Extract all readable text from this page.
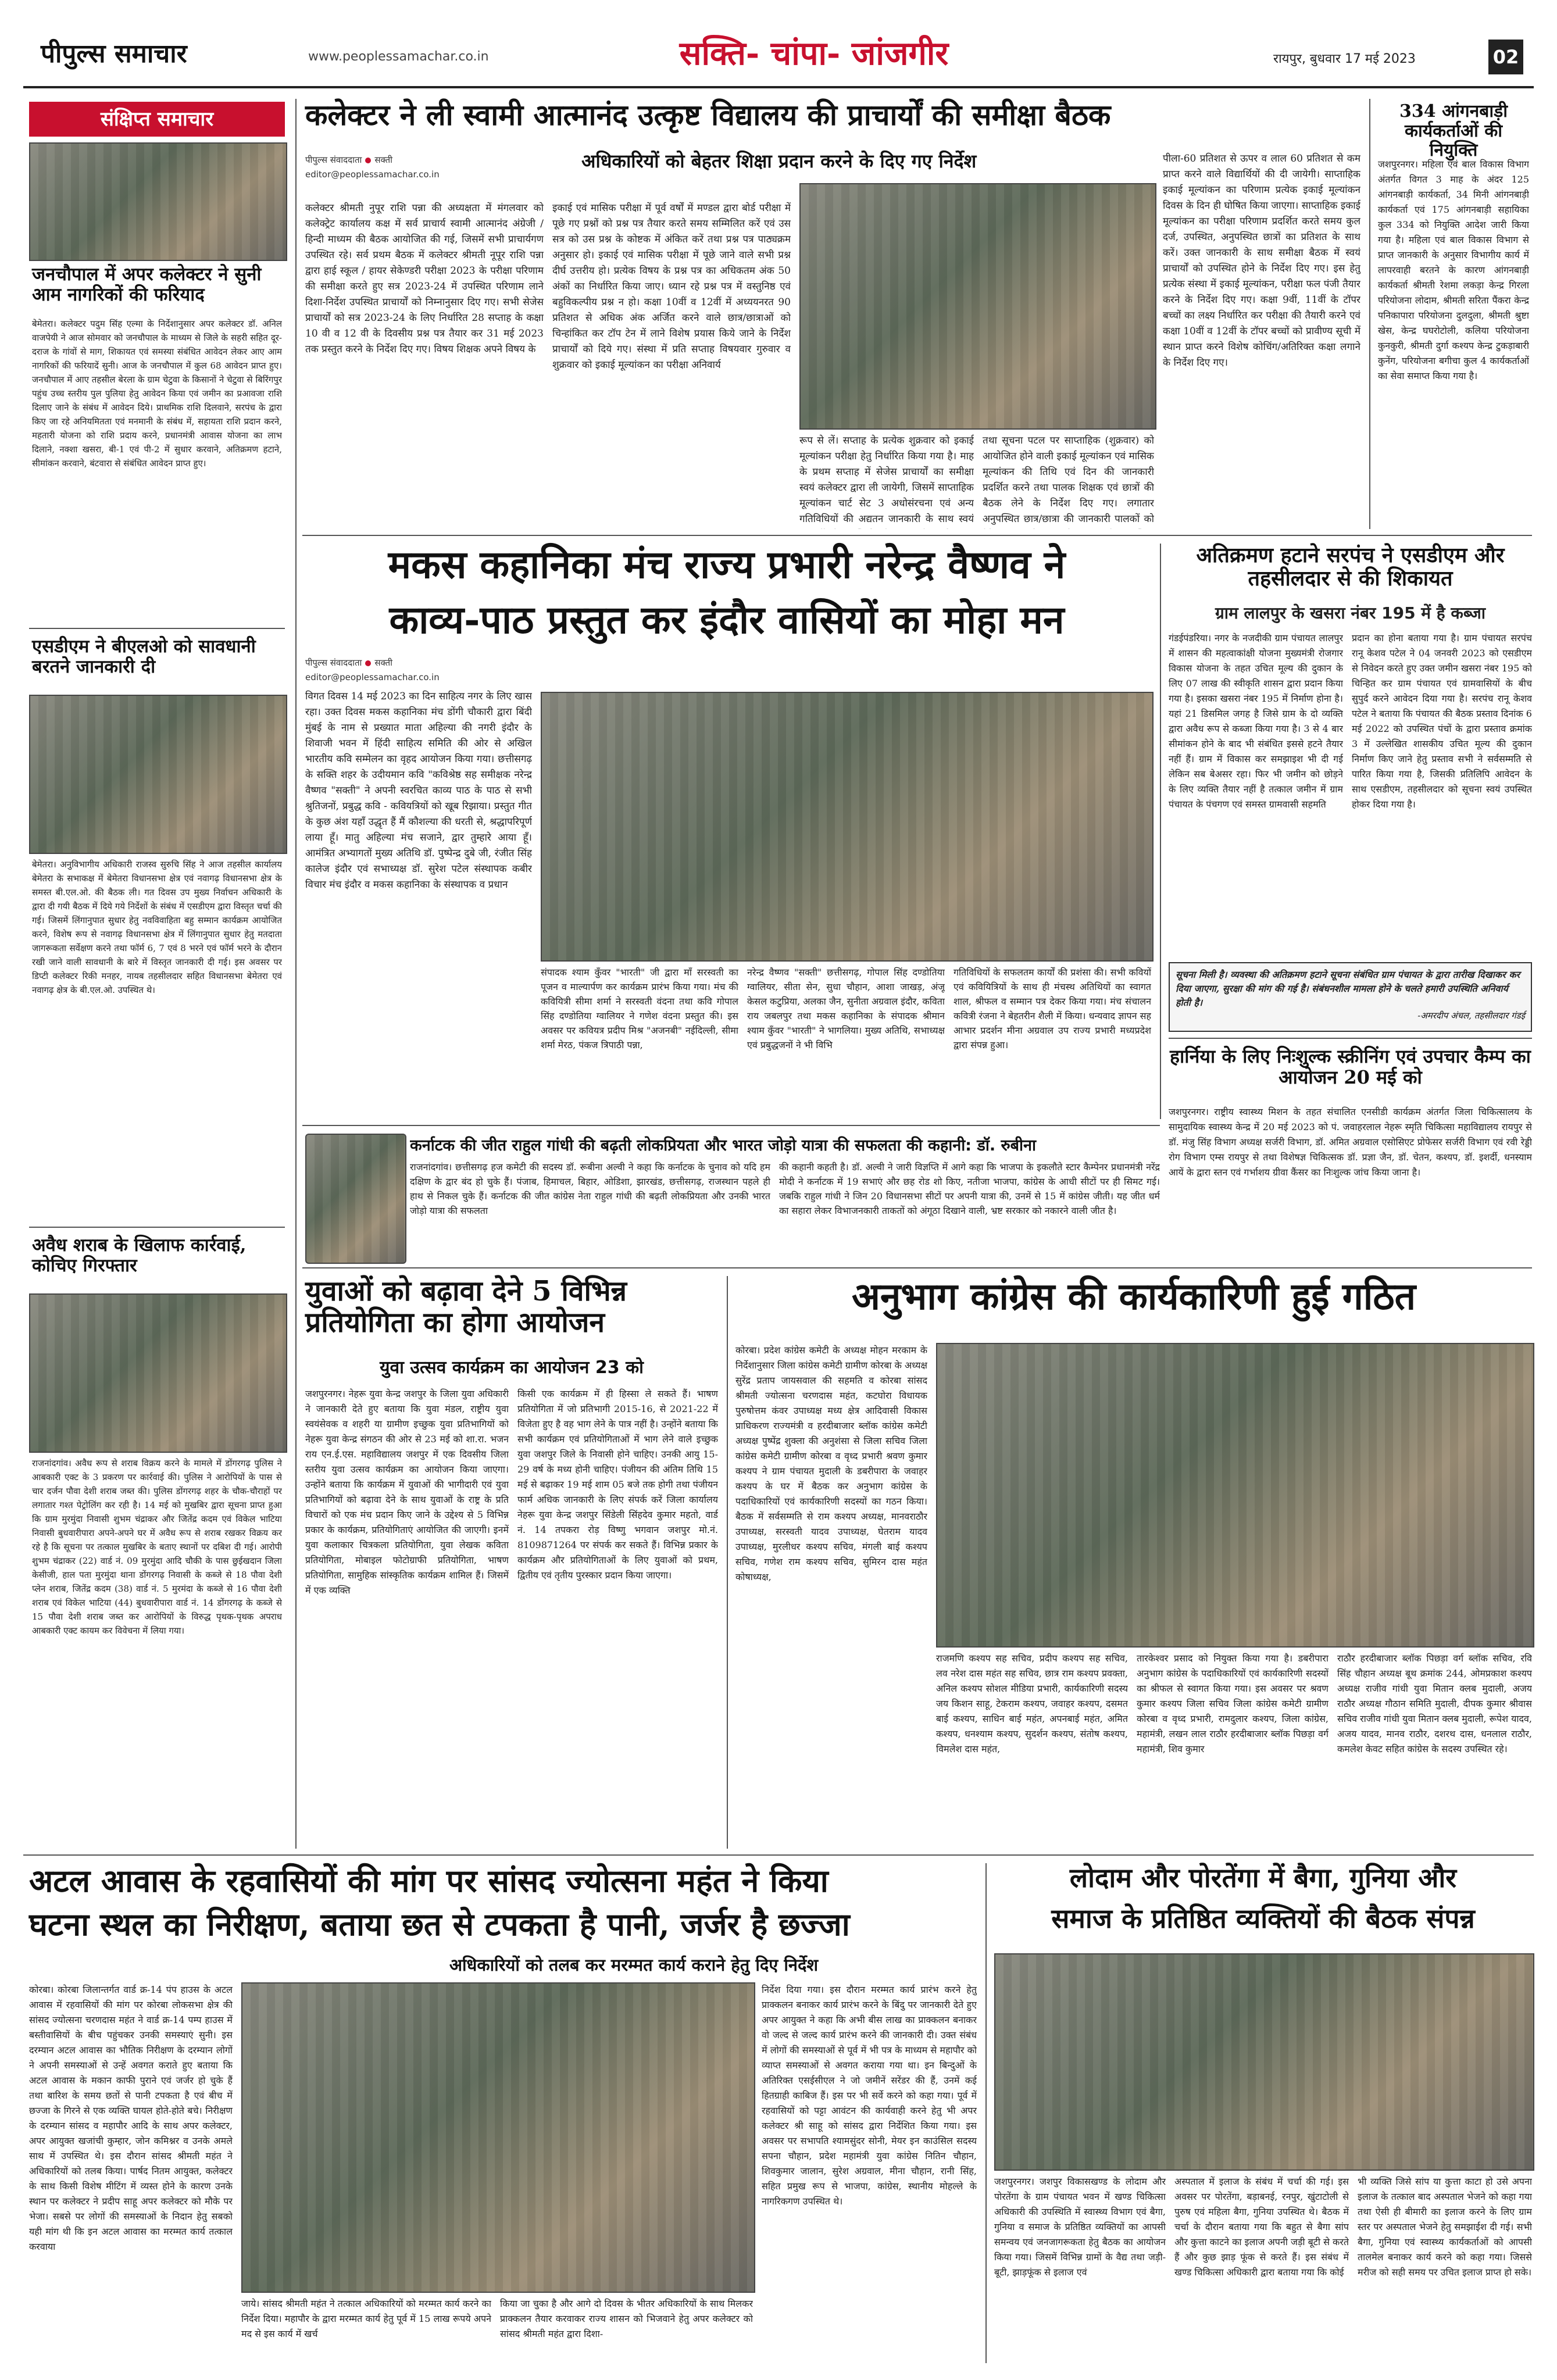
पीपुल्स समाचार	www.peoplessamachar.co.in	सक्ति- चांपा- जांजगीर	रायपुर, बुधवार 17 मई 2023	02
संक्षिप्त समाचार
जनचौपाल में अपर कलेक्टर ने सुनी आम नागरिकों की फरियाद
बेमेतरा। कलेक्टर पदुम सिंह एल्मा के निर्देशानुसार अपर कलेक्टर डॉ. अनिल वाजपेयी ने आज सोमवार को जनचौपाल के माध्यम से जिले के सहरी सहित दूर-दराज के गांवों से माग, शिकायत एवं समस्या संबंधित आवेदन लेकर आए आम नागरिकों की फरियादें सुनी। आज के जनचौपाल में कुल 68 आवेदन प्राप्त हुए। जनचौपाल में आए तहसील बेरला के ग्राम चेटुवा के किसानों ने चेटुवा से बिरिंगपुर पहुंच उच्च स्तरीय पुल पुलिया हेतु आवेदन किया एवं जमीन का प्रआवजा राशि दिलाए जाने के संबंध में आवेदन दिये। प्राथमिक राशि दिलवाने, सरपंच के द्वारा किए जा रहे अनियमितता एवं मनमानी के संबंध में, सहायता राशि प्रदान करने, महतारी योजना को राशि प्रदाय करने, प्रधानमंत्री आवास योजना का लाभ दिलाने, नक्शा खसरा, बी-1 एवं पी-2 में सुधार करवाने, अतिक्रमण हटाने, सीमांकन करवाने, बंटवारा से संबंधित आवेदन प्राप्त हुए।
एसडीएम ने बीएलओ को सावधानी बरतने जानकारी दी
बेमेतरा। अनुविभागीय अधिकारी राजस्व सुरुचि सिंह ने आज तहसील कार्यालय बेमेतरा के सभाकक्ष में बेमेतरा विधानसभा क्षेत्र एवं नवागढ़ विधानसभा क्षेत्र के समस्त बी.एल.ओ. की बैठक ली। गत दिवस उप मुख्य निर्वाचन अधिकारी के द्वारा दी गयी बैठक में दिये गये निर्देशों के संबंध में एसडीएम द्वारा विस्तृत चर्चा की गई। जिसमें लिंगानुपात सुधार हेतु नवविवाहिता बहु सम्मान कार्यक्रम आयोजित करने, विशेष रूप से नवागढ़ विधानसभा क्षेत्र में लिंगानुपात सुधार हेतु मतदाता जागरूकता सर्वेक्षण करने तथा फॉर्म 6, 7 एवं 8 भरने एवं फॉर्म भरने के दौरान रखी जाने वाली सावधानी के बारे में विस्तृत जानकारी दी गई। इस अवसर पर डिप्टी कलेक्टर रिकी मनहर, नायब तहसीलदार सहित विधानसभा बेमेतरा एवं नवागढ़ क्षेत्र के बी.एल.ओ. उपस्थित थे।
अवैध शराब के खिलाफ कार्रवाई, कोचिए गिरफ्तार
राजनांदगांव। अवैध रूप से शराब विक्रय करने के मामले में डोंगरगढ़ पुलिस ने आबकारी एक्ट के 3 प्रकरण पर कार्रवाई की। पुलिस ने आरोपियों के पास से चार दर्जन पौवा देशी शराब जब्त की। पुलिस डोंगरगढ़ शहर के चौक-चौराहों पर लगातार गश्त पेट्रोलिंग कर रही है। 14 मई को मुखबिर द्वारा सूचना प्राप्त हुआ कि ग्राम मुरमुंदा निवासी शुभम चंद्राकर और जितेंद्र कदम एवं विकेल भाटिया निवासी बुधवारीपारा अपने-अपने घर में अवैध रूप से शराब रखकर विक्रय कर रहे है कि सूचना पर तत्काल मुखबिर के बताए स्थानों पर दबिश दी गई। आरोपी शुभम चंद्राकर (22) वार्ड नं. 09 मुरमुंदा आदि चौकी के पास छुईखदान जिला केसीजी, हाल पता मुरमुंदा थाना डोंगरगढ़ निवासी के कब्जे से 18 पौवा देशी प्लेन शराब, जितेंद्र कदम (38) वार्ड नं. 5 मुरमंदा के कब्जे से 16 पौवा देशी शराब एवं विकेल भाटिया (44) बुधवारीपारा वार्ड नं. 14 डोंगरगढ़ के कब्जे से 15 पौवा देशी शराब जब्त कर आरोपियों के विरुद्ध पृथक-पृथक अपराध आबकारी एक्ट कायम कर विवेचना में लिया गया।
कलेक्टर ने ली स्वामी आत्मानंद उत्कृष्ट विद्यालय की प्राचार्यों की समीक्षा बैठक
पीपुल्स संवाददाता सक्ती
editor@peoplessamachar.co.in
अधिकारियों को बेहतर शिक्षा प्रदान करने के दिए गए निर्देश
कलेक्टर श्रीमती नुपूर राशि पन्ना की अध्यक्षता में मंगलवार को कलेक्ट्रेट कार्यालय कक्ष में सर्व प्राचार्य स्वामी आत्मानंद अंग्रेजी / हिन्दी माध्यम की बैठक आयोजित की गई, जिसमें सभी प्राचार्यगण उपस्थित रहे। सर्व प्रथम बैठक में कलेक्टर श्रीमती नूपूर राशि पन्ना द्वारा हाई स्कूल / हायर सेकेण्डरी परीक्षा 2023 के परीक्षा परिणाम की समीक्षा करते हुए सत्र 2023-24 में उपस्थित परिणाम लाने दिशा-निर्देश उपस्थित प्राचार्यों को निम्नानुसार दिए गए। सभी सेजेस प्राचार्यों को सत्र 2023-24 के लिए निर्धारित 28 सप्ताह के कक्षा 10 वी व 12 वी के दिवसीय प्रश्न पत्र तैयार कर 31 मई 2023 तक प्रस्तुत करने के निर्देश दिए गए। विषय शिक्षक अपने विषय के
इकाई एवं मासिक परीक्षा में पूर्व वर्षों में मण्डल द्वारा बोर्ड परीक्षा में पूछे गए प्रश्नों को प्रश्न पत्र तैयार करते समय सम्मिलित करें एवं उस सत्र को उस प्रश्न के कोष्टक में अंकित करें तथा प्रश्न पत्र पाठ्यक्रम अनुसार हो। इकाई एवं मासिक परीक्षा में पूछे जाने वाले सभी प्रश्न दीर्घ उत्तरीय हो। प्रत्येक विषय के प्रश्न पत्र का अधिकतम अंक 50 अंकों का निर्धारित किया जाए। ध्यान रहे प्रश्न पत्र में वस्तुनिष्ठ एवं बहुविकल्पीय प्रश्न न हो। कक्षा 10वीं व 12वीं में अध्ययनरत 90 प्रतिशत से अधिक अंक अर्जित करने वाले छात्र/छात्राओं को चिन्हांकित कर टॉप टेन में लाने विशेष प्रयास किये जाने के निर्देश प्राचार्यों को दिये गए। संस्था में प्रति सप्ताह विषयवार गुरुवार व शुक्रवार को इकाई मूल्यांकन का परीक्षा अनिवार्य
रूप से लें। सप्ताह के प्रत्येक शुक्रवार को इकाई मूल्यांकन परीक्षा हेतु निर्धारित किया गया है। माह के प्रथम सप्ताह में सेजेस प्राचार्यों का समीक्षा स्वयं कलेक्टर द्वारा ली जायेगी, जिसमें साप्ताहिक मूल्यांकन चार्ट सेट 3 अधोसंरचना एवं अन्य गतिविधियों की अद्यतन जानकारी के साथ स्वयं
तथा सूचना पटल पर साप्ताहिक (शुक्रवार) को आयोजित होने वाली इकाई मूल्यांकन एवं मासिक मूल्यांकन की तिथि एवं दिन की जानकारी प्रदर्शित करने तथा पालक शिक्षक एवं छात्रों की बैठक लेने के निर्देश दिए गए। लगातार अनुपस्थित छात्र/छात्रा की जानकारी पालकों को
पीला-60 प्रतिशत से ऊपर व लाल 60 प्रतिशत से कम प्राप्त करने वाले विद्यार्थियों की दी जायेगी। साप्ताहिक इकाई मूल्यांकन का परिणाम प्रत्येक इकाई मूल्यांकन दिवस के दिन ही घोषित किया जाएगा। साप्ताहिक इकाई मूल्यांकन का परीक्षा परिणाम प्रदर्शित करते समय कुल दर्ज, उपस्थित, अनुपस्थित छात्रों का प्रतिशत के साथ करें। उक्त जानकारी के साथ समीक्षा बैठक में स्वयं प्राचार्यों को उपस्थित होने के निर्देश दिए गए। इस हेतु प्रत्येक संस्था में इकाई मूल्यांकन, परीक्षा फल पंजी तैयार करने के निर्देश दिए गए। कक्षा 9वीं, 11वीं के टॉपर बच्चों का लक्ष्य निर्धारित कर परीक्षा की तैयारी करने एवं कक्षा 10वीं व 12वीं के टॉपर बच्चों को प्रावीण्य सूची में स्थान प्राप्त करने विशेष कोचिंग/अतिरिक्त कक्षा लगाने के निर्देश दिए गए।
334 आंगनबाड़ी कार्यकर्ताओं की नियुक्ति
जशपुरनगर। महिला एवं बाल विकास विभाग अंतर्गत विगत 3 माह के अंदर 125 आंगनबाड़ी कार्यकर्ता, 34 मिनी आंगनबाड़ी कार्यकर्ता एवं 175 आंगनबाड़ी सहायिका कुल 334 को नियुक्ति आदेश जारी किया गया है। महिला एवं बाल विकास विभाग से प्राप्त जानकारी के अनुसार विभागीय कार्य में लापरवाही बरतने के कारण आंगनबाड़ी कार्यकर्ता श्रीमती रेशमा लकड़ा केन्द्र गिरला परियोजना लोदाम, श्रीमती सरिता पैंकरा केन्द्र पनिकापारा परियोजना दुलदुला, श्रीमती श्रुष्टा खेस, केन्द्र घघरोटोली, कलिया परियोजना कुनकुरी, श्रीमती दुर्गा कश्यप केन्द्र टुकड़ाबारी कुनेंग, परियोजना बगीचा कुल 4 कार्यकर्ताओं का सेवा समाप्त किया गया है।
मकस कहानिका मंच राज्य प्रभारी नरेन्द्र वैष्णव ने
काव्य-पाठ प्रस्तुत कर इंदौर वासियों का मोहा मन
पीपुल्स संवाददाता सक्ती
editor@peoplessamachar.co.in
विगत दिवस 14 मई 2023 का दिन साहित्य नगर के लिए खास रहा। उक्त दिवस मकस कहानिका मंच डोंगी चौकारी द्वारा बिंदी मुंबई के नाम से प्रख्यात माता अहिल्या की नगरी इंदौर के शिवाजी भवन में हिंदी साहित्य समिति की ओर से अखिल भारतीय कवि सम्मेलन का वृहद आयोजन किया गया। छत्तीसगढ़ के सक्ति शहर के उदीयमान कवि "कविश्रेष्ठ सह समीक्षक नरेन्द्र वैष्णव "सक्ती" ने अपनी स्वरचित काव्य पाठ के पाठ से सभी श्रुतिजनों, प्रबुद्ध कवि - कवियत्रियों को खूब रिझाया। प्रस्तुत गीत के कुछ अंश यहाँ उद्धृत हैं मैं कौशल्या की धरती से, श्रद्धापरिपूर्ण लाया हूँ। मातु अहिल्या मंच सजाने, द्वार तुम्हारे आया हूँ। आमंत्रित अभ्यागतों मुख्य अतिथि डॉ. पुष्पेन्द्र दुबे जी, रंजीत सिंह कालेज इंदौर एवं सभाध्यक्ष डॉ. सुरेश पटेल संस्थापक कबीर विचार मंच इंदौर व मकस कहानिका के संस्थापक व प्रधान
संपादक श्याम कुँवर "भारती" जी द्वारा माँ सरस्वती का पूजन व माल्यार्पण कर कार्यक्रम प्रारंभ किया गया। मंच की कवियित्री सीमा शर्मा ने सरस्वती वंदना तथा कवि गोपाल सिंह दण्डोतिया ग्वालियर ने गणेश वंदना प्रस्तुत की। इस अवसर पर कवियत्र प्रदीप मिश्र "अजनबी" नईदिल्ली, सीमा शर्मा मेरठ, पंकज त्रिपाठी पन्ना,
नरेन्द्र वैष्णव "सक्ती" छत्तीसगढ़, गोपाल सिंह दण्डोतिया ग्वालियर, सीता सेन, सुधा चौहान, आशा जाखड़, अंजू केसल कटुप्रिया, अलका जैन, सुनीता अग्रवाल इंदौर, कविता राय जबलपुर तथा मकस कहानिका के संपादक श्रीमान श्याम कुँवर "भारती" ने भागलिया। मुख्य अतिथि, सभाध्यक्ष एवं प्रबुद्धजनों ने भी विभि
गतिविधियों के सफलतम कार्यों की प्रशंसा की। सभी कवियों एवं कवियित्रियों के साथ ही मंचस्थ अतिथियों का स्वागत शाल, श्रीफल व सम्मान पत्र देकर किया गया। मंच संचालन कवित्री रंजना ने बेहतरीन शैली में किया। धन्यवाद ज्ञापन सह आभार प्रदर्शन मीना अग्रवाल उप राज्य प्रभारी मध्यप्रदेश द्वारा संपन्न हुआ।
अतिक्रमण हटाने सरपंच ने एसडीएम और तहसीलदार से की शिकायत
ग्राम लालपुर के खसरा नंबर 195 में है कब्जा
गंडईपंडरिया। नगर के नजदीकी ग्राम पंचायत लालपुर में शासन की महत्वाकांक्षी योजना मुख्यमंत्री रोजगार विकास योजना के तहत उचित मूल्य की दुकान के लिए 07 लाख की स्वीकृति शासन द्वारा प्रदान किया गया है। इसका खसरा नंबर 195 में निर्माण होना है। यहां 21 डिसमिल जगह है जिसे ग्राम के दो व्यक्ति द्वारा अवैध रूप से कब्जा किया गया है। 3 से 4 बार सीमांकन होने के बाद भी संबंधित इससे हटने तैयार नहीं हैं। ग्राम में विकास कर समझाइश भी दी गई लेकिन सब बेअसर रहा। फिर भी जमीन को छोड़ने के लिए व्यक्ति तैयार नहीं है तत्काल जमीन में ग्राम पंचायत के पंचगण एवं समस्त ग्रामवासी सहमति
प्रदान का होना बताया गया है। ग्राम पंचायत सरपंच रानू केशव पटेल ने 04 जनवरी 2023 को एसडीएम से निवेदन करते हुए उक्त जमीन खसरा नंबर 195 को चिन्हित कर ग्राम पंचायत एवं ग्रामवासियों के बीच सुपुर्द करने आवेदन दिया गया है। सरपंच रानू केशव पटेल ने बताया कि पंचायत की बैठक प्रस्ताव दिनांक 6 मई 2022 को उपस्थित पंचों के द्वारा प्रस्ताव क्रमांक 3 में उल्लेखित शासकीय उचित मूल्य की दुकान निर्माण किए जाने हेतु प्रस्ताव सभी ने सर्वसम्मति से पारित किया गया है, जिसकी प्रतिलिपि आवेदन के साथ एसडीएम, तहसीलदार को सूचना स्वयं उपस्थित होकर दिया गया है।
सूचना मिली है। व्यवस्था की अतिक्रमण हटाने सूचना संबंधित ग्राम पंचायत के द्वारा तारीख दिखाकर कर दिया जाएगा, सुरक्षा की मांग की गई है। संबंधनशील मामला होने के चलते हमारी उपस्थिति अनिवार्य होती है।
-अमरदीप अंचल, तहसीलदार गंडई
हार्निया के लिए निःशुल्क स्क्रीनिंग एवं उपचार कैम्प का आयोजन 20 मई को
जशपुरनगर। राष्ट्रीय स्वास्थ्य मिशन के तहत संचालित एनसीडी कार्यक्रम अंतर्गत जिला चिकित्सालय के सामुदायिक स्वास्थ्य केन्द्र में 20 मई 2023 को पं. जवाहरलाल नेहरू स्मृति चिकित्सा महाविद्यालय रायपुर से डॉ. मंजु सिंह विभाग अध्यक्ष सर्जरी विभाग, डॉ. अमित अग्रवाल एसोसिएट प्रोफेसर सर्जरी विभाग एवं रवी रेड्डी रोग विभाग एम्स रायपुर से तथा विशेषज्ञ चिकित्सक डॉ. प्रज्ञा जैन, डॉ. चेतन, कश्यप, डॉ. इशर्दी, धनस्याम आयें के द्वारा स्तन एवं गर्भाशय ग्रीवा कैंसर का निःशुल्क जांच किया जाना है।
कर्नाटक की जीत राहुल गांधी की बढ़ती लोकप्रियता और भारत जोड़ो यात्रा की सफलता की कहानी: डॉ. रुबीना
राजनांदगांव। छत्तीसगढ़ हज कमेटी की सदस्य डॉ. रूबीना अल्वी ने कहा कि कर्नाटक के चुनाव को यदि हम दक्षिण के द्वार बंद हो चुके हैं। पंजाब, हिमाचल, बिहार, ओडिशा, झारखंड, छत्तीसगढ़, राजस्थान पहले ही हाथ से निकल चुके हैं। कर्नाटक की जीत कांग्रेस नेता राहुल गांधी की बढ़ती लोकप्रियता और उनकी भारत जोड़ो यात्रा की सफलता
की कहानी कहती है। डॉ. अल्वी ने जारी विज्ञप्ति में आगे कहा कि भाजपा के इकलौते स्टार कैम्पेनर प्रधानमंत्री नरेंद्र मोदी ने कर्नाटक में 19 सभाएं और छह रोड शो किए, नतीजा भाजपा, कांग्रेस के आधी सीटों पर ही सिमट गई। जबकि राहुल गांधी ने जिन 20 विधानसभा सीटों पर अपनी यात्रा की, उनमें से 15 में कांग्रेस जीती। यह जीत धर्म का सहारा लेकर विभाजनकारी ताकतों को अंगूठा दिखाने वाली, भ्रष्ट सरकार को नकारने वाली जीत है।
युवाओं को बढ़ावा देने 5 विभिन्न प्रतियोगिता का होगा आयोजन
युवा उत्सव कार्यक्रम का आयोजन 23 को
जशपुरनगर। नेहरू युवा केन्द्र जशपुर के जिला युवा अधिकारी ने जानकारी देते हुए बताया कि युवा मंडल, राष्ट्रीय युवा स्वयंसेवक व शहरी या ग्रामीण इच्छुक युवा प्रतिभागियों को नेहरू युवा केन्द्र संगठन की ओर से 23 मई को शा.रा. भजन राय एन.ई.एस. महाविद्यालय जशपुर में एक दिवसीय जिला स्तरीय युवा उत्सव कार्यक्रम का आयोजन किया जाएगा। उन्होंने बताया कि कार्यक्रम में युवाओं की भागीदारी एवं युवा प्रतिभागियों को बढ़ावा देने के साथ युवाओं के राष्ट्र के प्रति विचारों को एक मंच प्रदान किए जाने के उद्देश्य से 5 विभिन्न प्रकार के कार्यक्रम, प्रतियोगिताएं आयोजित की जाएगी। इनमें युवा कलाकार चित्रकला प्रतियोगिता, युवा लेखक कविता प्रतियोगिता, मोबाइल फोटोग्राफी प्रतियोगिता, भाषण प्रतियोगिता, सामुहिक सांस्कृतिक कार्यक्रम शामिल हैं। जिसमें में एक व्यक्ति
किसी एक कार्यक्रम में ही हिस्सा ले सकते हैं। भाषण प्रतियोगिता में जो प्रतिभागी 2015-16, से 2021-22 में विजेता हुए है वह भाग लेने के पात्र नहीं है। उन्होंने बताया कि सभी कार्यक्रम एवं प्रतियोगिताओं में भाग लेने वाले इच्छुक युवा जशपुर जिले के निवासी होने चाहिए। उनकी आयु 15-29 वर्ष के मध्य होनी चाहिए। पंजीयन की अंतिम तिथि 15 मई से बढ़ाकर 19 मई शाम 05 बजे तक होगी तथा पंजीयन फार्म अधिक जानकारी के लिए संपर्क करें जिला कार्यालय नेहरू युवा केन्द्र जशपुर सिंडेली सिंहदेव कुमार महतो, वार्ड नं. 14 तपकरा रोड़ विष्णु भगवान जशपुर मो.नं. 8109871264 पर संपर्क कर सकते हैं। विभिन्न प्रकार के कार्यक्रम और प्रतियोगिताओं के लिए युवाओं को प्रथम, द्वितीय एवं तृतीय पुरस्कार प्रदान किया जाएगा।
अनुभाग कांग्रेस की कार्यकारिणी हुई गठित
कोरबा। प्रदेश कांग्रेस कमेटी के अध्यक्ष मोहन मरकाम के निर्देशानुसार जिला कांग्रेस कमेटी ग्रामीण कोरबा के अध्यक्ष सुरेंद्र प्रताप जायसवाल की सहमति व कोरबा सांसद श्रीमती ज्योत्सना चरणदास महंत, कटघोरा विधायक पुरुषोत्तम कंवर उपाध्यक्ष मध्य क्षेत्र आदिवासी विकास प्राधिकरण राज्यमंत्री व हरदीबाजार ब्लॉक कांग्रेस कमेटी अध्यक्ष पुष्पेंद्र शुक्ला की अनुशंसा से जिला सचिव जिला कांग्रेस कमेटी ग्रामीण कोरबा व वृध्द प्रभारी श्रवण कुमार कश्यप ने ग्राम पंचायत मुदाली के डबरीपारा के जवाहर कश्यप के घर में बैठक कर अनुभाग कांग्रेस के पदाधिकारियों एवं कार्यकारिणी सदस्यों का गठन किया। बैठक में सर्वसम्मति से राम कश्यप अध्यक्ष, मानवराठौर उपाध्यक्ष, सरस्वती यादव उपाध्यक्ष, घेतराम यादव उपाध्यक्ष, मुरलीधर कश्यप सचिव, मंगली बाई कश्यप सचिव, गणेश राम कश्यप सचिव, सुमिरन दास महंत कोषाध्यक्ष,
राजमणि कश्यप सह सचिव, प्रदीप कश्यप सह सचिव, लव नरेश दास महंत सह सचिव, छात्र राम कश्यप प्रवक्ता, अनिल कश्यप सोशल मीडिया प्रभारी, कार्यकारिणी सदस्य जय किशन साहू, टेकराम कश्यप, जवाहर कश्यप, दसमत बाई कश्यप, साधिन बाई महंत, अपनबाई महंत, अमित कश्यप, धनश्याम कश्यप, सुदर्शन कश्यप, संतोष कश्यप, विमलेश दास महंत,
तारकेश्वर प्रसाद को नियुक्त किया गया है। डबरीपारा अनुभाग कांग्रेस के पदाधिकारियों एवं कार्यकारिणी सदस्यों का श्रीफल से स्वागत किया गया। इस अवसर पर श्रवण कुमार कश्यप जिला सचिव जिला कांग्रेस कमेटी ग्रामीण कोरबा व वृध्द प्रभारी, रामदुलार कश्यप, जिला कांग्रेस, महामंत्री, लखन लाल राठौर हरदीबाजार ब्लॉक पिछड़ा वर्ग महामंत्री, शिव कुमार
राठौर हरदीबाजार ब्लॉक पिछड़ा वर्ग ब्लॉक सचिव, रवि सिंह चौहान अध्यक्ष बूथ क्रमांक 244, ओमप्रकाश कश्यप अध्यक्ष राजीव गांधी युवा मितान क्लब मुदाली, अजय राठौर अध्यक्ष गौठान समिति मुदाली, दीपक कुमार श्रीवास सचिव राजीव गांधी युवा मितान क्लब मुदाली, रूपेश यादव, अजय यादव, मानव राठौर, दशरथ दास, धनलाल राठौर, कमलेश केवट सहित कांग्रेस के सदस्य उपस्थित रहे।
अटल आवास के रहवासियों की मांग पर सांसद ज्योत्सना महंत ने किया
घटना स्थल का निरीक्षण, बताया छत से टपकता है पानी, जर्जर है छज्जा
अधिकारियों को तलब कर मरम्मत कार्य कराने हेतु दिए निर्देश
कोरबा। कोरबा जिलान्तर्गत वार्ड क्र-14 पंप हाउस के अटल आवास में रहवासियों की मांग पर कोरबा लोकसभा क्षेत्र की सांसद ज्योत्सना चरणदास महंत ने वार्ड क्र-14 पम्प हाउस में बस्तीवासियों के बीच पहुंचकर उनकी समस्याएं सुनी। इस दरम्यान अटल आवास का भौतिक निरीक्षण के दरम्यान लोगों ने अपनी समस्याओं से उन्हें अवगत कराते हुए बताया कि अटल आवास के मकान काफी पुराने एवं जर्जर हो चुके हैं तथा बारिश के समय छतों से पानी टपकता है एवं बीच में छज्जा के गिरने से एक व्यक्ति घायल होते-होते बचे। निरीक्षण के दरम्यान सांसद व महापौर आदि के साथ अपर कलेक्टर, अपर आयुक्त खजांची कुम्हार, जोन कमिश्नर व उनके अमले साथ में उपस्थित थे। इस दौरान सांसद श्रीमती महंत ने अधिकारियों को तलब किया। पार्षद नितम आयुक्त, कलेक्टर के साथ किसी विशेष मीटिंग में व्यस्त होने के कारण उनके स्थान पर कलेक्टर ने प्रदीप साहू अपर कलेक्टर को मौके पर भेजा। सबसे पर लोगों की समस्याओं के निदान हेतु सबको यही मांग थी कि इन अटल आवास का मरम्मत कार्य तत्काल करवाया
जाये। सांसद श्रीमती महंत ने तत्काल अधिकारियों को मरम्मत कार्य करने का निर्देश दिया। महापौर के द्वारा मरम्मत कार्य हेतु पूर्व में 15 लाख रूपये अपने मद से इस कार्य में खर्च
किया जा चुका है और आगे दो दिवस के भीतर अधिकारियों के साथ मिलकर प्राक्कलन तैयार करवाकर राज्य शासन को भिजवाने हेतु अपर कलेक्टर को सांसद श्रीमती महंत द्वारा दिशा-
निर्देश दिया गया। इस दौरान मरम्मत कार्य प्रारंभ करने हेतु प्राक्कलन बनाकर कार्य प्रारंभ करने के बिंदु पर जानकारी देते हुए अपर आयुक्त ने कहा कि अभी बीस लाख का प्राक्कलन बनाकर वो जल्द से जल्द कार्य प्रारंभ करने की जानकारी दी। उक्त संबंध में लोगों की समस्याओं से पूर्व में भी पत्र के माध्यम से महापौर को व्याप्त समस्याओं से अवगत कराया गया था। इन बिन्दुओं के अतिरिक्त एसईसीएल ने जो जमीनें सरेंडर की हैं, उनमें कई हितग्राही काबिज हैं। इस पर भी सर्वे करने को कहा गया। पूर्व में रहवासियों को पट्टा आवंटन की कार्यवाही करने हेतु भी अपर कलेक्टर श्री साहू को सांसद द्वारा निर्देशित किया गया। इस अवसर पर सभापति श्यामसुंदर सोनी, मेयर इन काउंसिल सदस्य सपना चौहान, प्रदेश महामंत्री युवा कांग्रेस नितिन चौहान, शिवकुमार जालान, सुरेश अग्रवाल, मीना चौहान, रानी सिंह, सहित प्रमुख रूप से भाजपा, कांग्रेस, स्थानीय मोहल्ले के नागरिकगण उपस्थित थे।
लोदाम और पोरतेंगा में बैगा, गुनिया और
समाज के प्रतिष्ठित व्यक्तियों की बैठक संपन्न
जशपुरनगर। जशपुर विकासखण्ड के लोदाम और पोरतेंगा के ग्राम पंचायत भवन में खण्ड चिकित्सा अधिकारी की उपस्थिति में स्वास्थ्य विभाग एवं बैगा, गुनिया व समाज के प्रतिष्ठित व्यक्तियों का आपसी समन्वय एवं जनजागरूकता हेतु बैठक का आयोजन किया गया। जिसमें विभिन्न ग्रामों के वैद्य तथा जड़ी-बूटी, झाड़फूंक से इलाज एवं
अस्पताल में इलाज के संबंध में चर्चा की गई। इस अवसर पर पोरतेंगा, बड़ाबनई, रनपुर, खुंटाटोली से पुरुष एवं महिला बैगा, गुनिया उपस्थित थे। बैठक में चर्चा के दौरान बताया गया कि बहुत से बैगा सांप और कुत्ता काटने का इलाज अपनी जड़ी बूटी से करते हैं और कुछ झाड़ फूंक से करते हैं। इस संबंध में खण्ड चिकित्सा अधिकारी द्वारा बताया गया कि कोई
भी व्यक्ति जिसे सांप या कुत्ता काटा हो उसे अपना इलाज के तत्काल बाद अस्पताल भेजने को कहा गया तथा ऐसी ही बीमारी का इलाज करने के लिए ग्राम स्तर पर अस्पताल भेजने हेतु समझाईश दी गई। सभी बैगा, गुनिया एवं स्वास्थ्य कार्यकर्ताओं को आपसी तालमेल बनाकर कार्य करने को कहा गया। जिससे मरीज को सही समय पर उचित इलाज प्राप्त हो सके।
